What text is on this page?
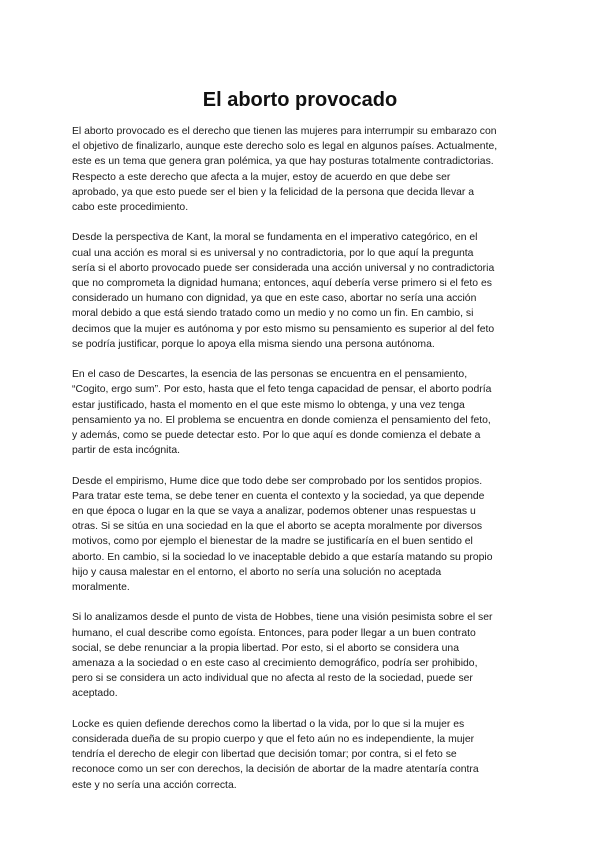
El aborto provocado

El aborto provocado es el derecho que tienen las mujeres para interrumpir su embarazo con
el objetivo de finalizarlo, aunque este derecho solo es legal en algunos países. Actualmente,
este es un tema que genera gran polémica, ya que hay posturas totalmente contradictorias.
Respecto a este derecho que afecta a la mujer, estoy de acuerdo en que debe ser
aprobado, ya que esto puede ser el bien y la felicidad de la persona que decida llevar a
cabo este procedimiento.

Desde la perspectiva de Kant, la moral se fundamenta en el imperativo categórico, en el
cual una acción es moral si es universal y no contradictoria, por lo que aquí la pregunta
sería si el aborto provocado puede ser considerada una acción universal y no contradictoria
que no comprometa la dignidad humana; entonces, aquí debería verse primero si el feto es
considerado un humano con dignidad, ya que en este caso, abortar no sería una acción
moral debido a que está siendo tratado como un medio y no como un fin. En cambio, si
decimos que la mujer es autónoma y por esto mismo su pensamiento es superior al del feto
se podría justificar, porque lo apoya ella misma siendo una persona autónoma.

En el caso de Descartes, la esencia de las personas se encuentra en el pensamiento,
“Cogito, ergo sum”. Por esto, hasta que el feto tenga capacidad de pensar, el aborto podría
estar justificado, hasta el momento en el que este mismo lo obtenga, y una vez tenga
pensamiento ya no. El problema se encuentra en donde comienza el pensamiento del feto,
y además, como se puede detectar esto. Por lo que aquí es donde comienza el debate a
partir de esta incógnita.

Desde el empirismo, Hume dice que todo debe ser comprobado por los sentidos propios.
Para tratar este tema, se debe tener en cuenta el contexto y la sociedad, ya que depende
en que época o lugar en la que se vaya a analizar, podemos obtener unas respuestas u
otras. Si se sitúa en una sociedad en la que el aborto se acepta moralmente por diversos
motivos, como por ejemplo el bienestar de la madre se justificaría en el buen sentido el
aborto. En cambio, si la sociedad lo ve inaceptable debido a que estaría matando su propio
hijo y causa malestar en el entorno, el aborto no sería una solución no aceptada
moralmente.

Si lo analizamos desde el punto de vista de Hobbes, tiene una visión pesimista sobre el ser
humano, el cual describe como egoísta. Entonces, para poder llegar a un buen contrato
social, se debe renunciar a la propia libertad. Por esto, si el aborto se considera una
amenaza a la sociedad o en este caso al crecimiento demográfico, podría ser prohibido,
pero si se considera un acto individual que no afecta al resto de la sociedad, puede ser
aceptado.

Locke es quien defiende derechos como la libertad o la vida, por lo que si la mujer es
considerada dueña de su propio cuerpo y que el feto aún no es independiente, la mujer
tendría el derecho de elegir con libertad que decisión tomar; por contra, si el feto se
reconoce como un ser con derechos, la decisión de abortar de la madre atentaría contra
este y no sería una acción correcta.
